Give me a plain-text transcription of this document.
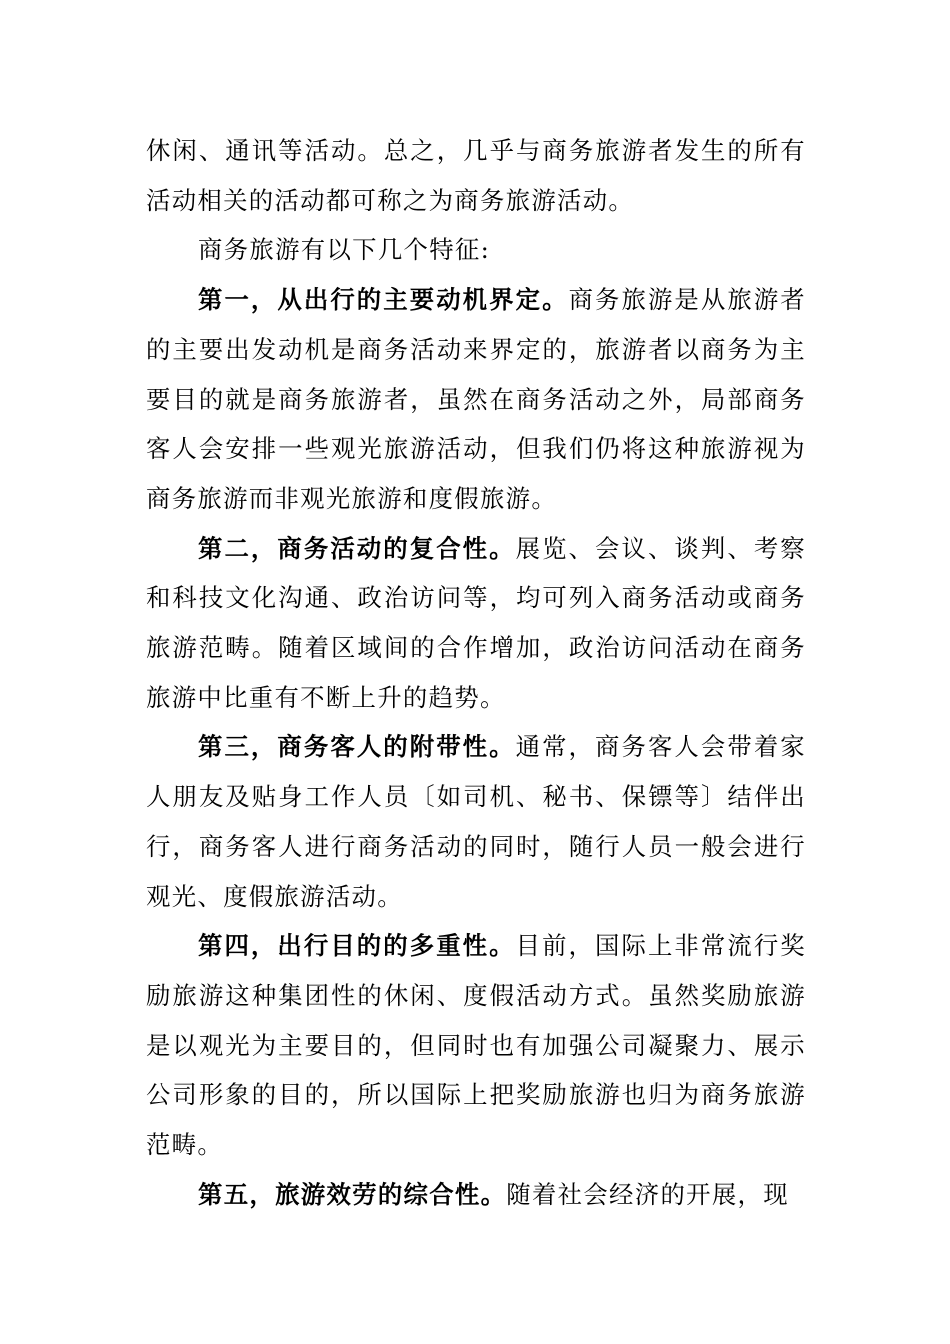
休闲、通讯等活动。总之，几乎与商务旅游者发生的所有活动相关的活动都可称之为商务旅游活动。

商务旅游有以下几个特征:

第一，从出行的主要动机界定。商务旅游是从旅游者的主要出发动机是商务活动来界定的，旅游者以商务为主要目的就是商务旅游者，虽然在商务活动之外，局部商务客人会安排一些观光旅游活动，但我们仍将这种旅游视为商务旅游而非观光旅游和度假旅游。

第二，商务活动的复合性。展览、会议、谈判、考察和科技文化沟通、政治访问等，均可列入商务活动或商务旅游范畴。随着区域间的合作增加，政治访问活动在商务旅游中比重有不断上升的趋势。

第三，商务客人的附带性。通常，商务客人会带着家人朋友及贴身工作人员〔如司机、秘书、保镖等〕结伴出行，商务客人进行商务活动的同时，随行人员一般会进行观光、度假旅游活动。

第四，出行目的的多重性。目前，国际上非常流行奖励旅游这种集团性的休闲、度假活动方式。虽然奖励旅游是以观光为主要目的，但同时也有加强公司凝聚力、展示公司形象的目的，所以国际上把奖励旅游也归为商务旅游范畴。

第五，旅游效劳的综合性。随着社会经济的开展，现
